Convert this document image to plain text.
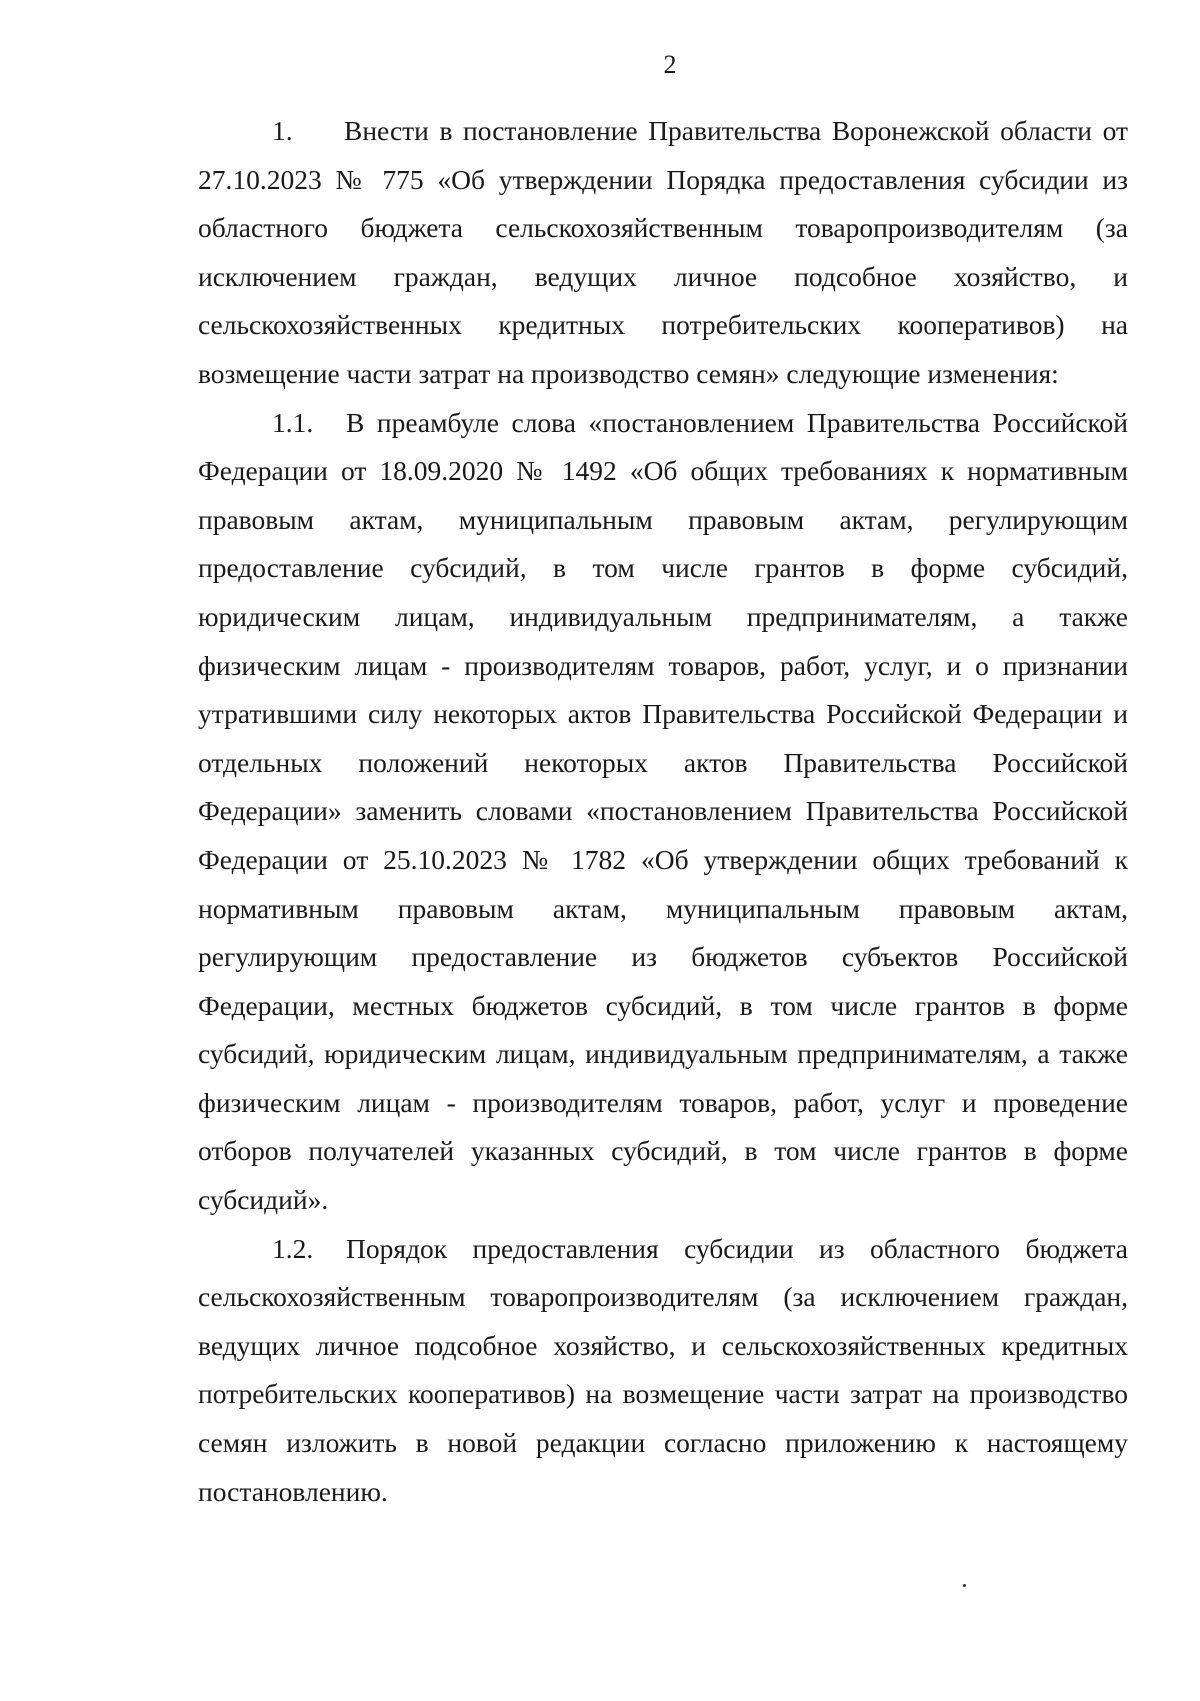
2

1. Внести в постановление Правительства Воронежской области от 27.10.2023 № 775 «Об утверждении Порядка предоставления субсидии из областного бюджета сельскохозяйственным товаропроизводителям (за исключением граждан, ведущих личное подсобное хозяйство, и сельскохозяйственных кредитных потребительских кооперативов) на возмещение части затрат на производство семян» следующие изменения:

1.1. В преамбуле слова «постановлением Правительства Российской Федерации от 18.09.2020 № 1492 «Об общих требованиях к нормативным правовым актам, муниципальным правовым актам, регулирующим предоставление субсидий, в том числе грантов в форме субсидий, юридическим лицам, индивидуальным предпринимателям, а также физическим лицам - производителям товаров, работ, услуг, и о признании утратившими силу некоторых актов Правительства Российской Федерации и отдельных положений некоторых актов Правительства Российской Федерации» заменить словами «постановлением Правительства Российской Федерации от 25.10.2023 № 1782 «Об утверждении общих требований к нормативным правовым актам, муниципальным правовым актам, регулирующим предоставление из бюджетов субъектов Российской Федерации, местных бюджетов субсидий, в том числе грантов в форме субсидий, юридическим лицам, индивидуальным предпринимателям, а также физическим лицам - производителям товаров, работ, услуг и проведение отборов получателей указанных субсидий, в том числе грантов в форме субсидий».

1.2. Порядок предоставления субсидии из областного бюджета сельскохозяйственным товаропроизводителям (за исключением граждан, ведущих личное подсобное хозяйство, и сельскохозяйственных кредитных потребительских кооперативов) на возмещение части затрат на производство семян изложить в новой редакции согласно приложению к настоящему постановлению.
